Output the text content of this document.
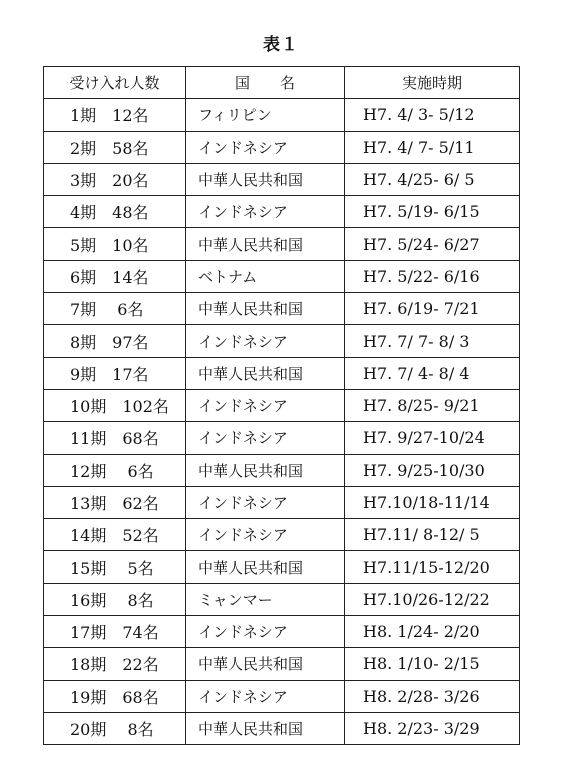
表１
受け入れ人数	国　　名	実施時期
1期　12名	フィリピン	H7. 4/ 3- 5/12
2期　58名	インドネシア	H7. 4/ 7- 5/11
3期　20名	中華人民共和国	H7. 4/25- 6/ 5
4期　48名	インドネシア	H7. 5/19- 6/15
5期　10名	中華人民共和国	H7. 5/24- 6/27
6期　14名	ベトナム	H7. 5/22- 6/16
7期　 6名	中華人民共和国	H7. 6/19- 7/21
8期　97名	インドネシア	H7. 7/ 7- 8/ 3
9期　17名	中華人民共和国	H7. 7/ 4- 8/ 4
10期　102名	インドネシア	H7. 8/25- 9/21
11期　68名	インドネシア	H7. 9/27-10/24
12期　 6名	中華人民共和国	H7. 9/25-10/30
13期　62名	インドネシア	H7.10/18-11/14
14期　52名	インドネシア	H7.11/ 8-12/ 5
15期　 5名	中華人民共和国	H7.11/15-12/20
16期　 8名	ミャンマー	H7.10/26-12/22
17期　74名	インドネシア	H8. 1/24- 2/20
18期　22名	中華人民共和国	H8. 1/10- 2/15
19期　68名	インドネシア	H8. 2/28- 3/26
20期　 8名	中華人民共和国	H8. 2/23- 3/29
